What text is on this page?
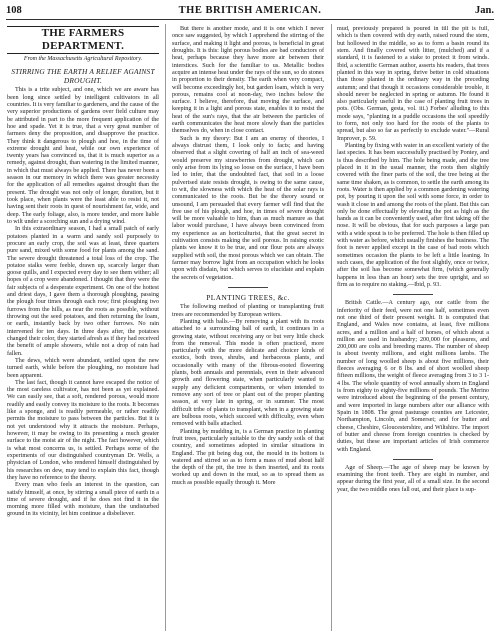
108	THE BRITISH AMERICAN.	Jan.
THE FARMERS DEPARTMENT.
From the Massachusetts Agricultural Repository.
STIRRING THE EARTH A RELIEF AGAINST DROUGHT.

This is a trite subject, and one, which we are aware has been long since settled by intelligent cultivators in all countries. It is very familiar to gardeners, and the cause of the very superior productions of gardens over field culture may be attributed in part to the more frequent application of the hoe and spade. Yet it is true, that a very great number of farmers deny the proposition, and disapprove the practice. They think it dangerous to plough and hoe, in the time of extreme drought and heat, while our own experience of twenty years has convinced us, that it is much superior as a remedy, against drought, than watering in the limited manner, in which that must always be applied. There has never been a season in our memory in which there was greater necessity for the application of all remedies against drought than the present. The drought was not only of longer, duration, but it took place, when plants were the least able to resist it, not having sent their roots in quest of nourishment far, wide, and deep. The early foliage, also, is more tender, and more liable to wilt under a scorching sun and a drying wind.

In this extraordinary season, I had a small patch of early potatoes planted in a warm and sandy soil purposely to procure an early crop, the soil was at least, three quarters pure sand, mixed with some food for plants among the sand. The severe drought threatened a total loss of the crop. The potatoe stalks were feeble, drawn up, scarcely larger than goose quills, and I expected every day to see them wither; all hopes of a crop were abandoned. I thought that they were the fair subjects of a desperate experiment. On one of the hottest and driest days, I gave them a thorough ploughing, passing the plough four times through each row; first ploughing two furrows from the hills, as near the roots as possible, without throwing out the seed potatoes, and then returning the loam, or earth, instantly back by two other furrows. No rain intervened for ten days. In three days after, the potatoes changed their color, they started afresh as if they had received the benefit of ample showers, while not a drop of rain had fallen.

The dews, which were abundant, settled upon the new turned earth, while before the ploughing, no moisture had been apparent.

The last fact, though it cannot have escaped the notice of the most careless cultivator, has not been as yet explained. We can easily see, that a soft, rendered porous, would more readily and easily convey its moisture to the roots. It becomes like a sponge, and is readily permeable, or rather readily permits the moisture to pass between the particles. But it is not yet understood why it attracts the moisture. Perhaps, however, it may be owing to its presenting a much greater surface to the moist air of the night. The fact however, which is what most concerns us, is settled. Perhaps some of the experiments of our distinguished countryman Dr. Wells, a physician of London, who rendered himself distinguished by his researches on dew, may tend to explain this fact, though they have no reference to the theory.

Every man who feels an interest in the question, can satisfy himself, at once, by stirring a small piece of earth in a time of severe drought, and if he does not find it in the morning more filled with moisture, than the undisturbed ground in its vicinity, let him continue a disbeliever.

But there is another mode, and it is one which I never once saw suggested, by which I apprehend the stirring of the surface, and making it light and porous, is beneficial in great droughts. It is this: light porous bodies are bad conductors of heat, perhaps because they have more air between their interstices. Such for the familiar to us. Metallic bodies acquire an intense heat under the rays of the sun, so do stones in proportion to their density. The earth when very compact, will become exceedingly hot, but garden loam, which is very porous, remains cool at noon-day, two inches below the surface. I believe, therefore, that moving the surface, and keeping it in a light and porous state, enables it to resist the heat of the sun's rays, that the air between the particles of earth communicates the heat more slowly than the particles themselves do, when in close contact.

Such is my theory: But I am an enemy of theories, I always distrust them, I look only to facts; and having observed that a slight covering of half an inch of sea-weed would preserve my strawberries from drought, which can only arise from its lying so loose on the surface, I have been led to infer, that the undoubted fact, that soil in a loose pulverised state resists drought, is owing to the same cause, to wit, the slowness with which the heat of the solar rays is communicated to the roots. But be the theory sound or unsound, I am persuaded that every farmer will find that the free use of his plough, and hoe, in times of severe drought will be more valuable to him, than as much manure as that labor would purchase, I have always been convinced from my experience as an horticulturist, that the great secret in cultivation consists making the soil porous. In raising exotic plants we know it to be true, and our flour pots are always supplied with soil, the most porous which we can obtain. The farmer may borrow light from an occupation which he looks upon with disdain, but which serves to elucidate and explain the secrets of vegetation.

PLANTING TREES, &c.

The following method of planting or transplanting fruit trees are recommended by European writers.

Planting with balls.—By removing a plant with its roots attached to a surrounding ball of earth, it continues in a growing state, without receiving any or but very little check from the removal. This mode is often practiced, more particularly with the more delicate and choicer kinds of exotics, both trees, shrubs, and herbaceous plants, and occasionally with many of the fibrous-rooted flowering plants, both annuals and perennials, even in their advanced growth and flowering state, when particularly wanted to supply any deficient compartments, or when intended to remove any sort of tree or plant out of the proper planting season, at very late in spring, or in summer. The most difficult tribe of plants to transplant, when in a growing state are bulbous roots, which succeed with difficulty, even when removed with balls attached.

Planting by mudding in, is a German practice in planting fruit trees, particularly suitable to the dry sandy soils of that country, and sometimes adopted in similar situations in England. The pit being dug out, the mould in its bottom is watered and stirred so as to form a mass of mud about half the depth of the pit, the tree is then inserted, and its roots worked up and down in the mud, so as to spread them as much as possible equally through it. More

mud, previously prepared is poured in till the pit is full, which is then covered with dry earth, raised round the stem, but hollowed in the middle, so as to form a basin round its stem. And finally covered with litter, (mulched) and if a standard, it is fastened to a stake to protect it from winds. Ibid, a scientific German author, asserts his readers, that trees planted in this way in spring, thrive better in cold situations than those planted in the ordinary way in the preceding autumn; and that though it occasions considerable trouble, it should never be neglected in spring or autumn. He found it also particularly useful in the case of planting fruit trees in pots. (Obs. German, gesta, vol. iii.) Forbes' alluding to this mode says, "planting in a puddle occasions the soil speedily to form, not only too hard for the roots of the plants to spread, but also so far as perfectly to exclude water."—Rural Improver, p. 59.

Planting by fixing with water in an excellent variety of the last species. It has been successfully practised by Pontey, and is thus described by him. The hole being made, and the tree placed in it in the usual manner, the roots then slightly covered with the finer parts of the soil, the tree being at the same time shaken, as is common, to settle the earth among its roots. Water is then applied by a common gardening watering pot, by pouring it upon the soil with some force, in order to wash it close in and among the roots of the plant. But this can only be done effectually by elevating the pot as high as the hands as it can be conveniently used, after first taking off the nose. It will be obvious, that for such purposes a large pan with a wide spout is to be preferred. The hole is then filled up with water as before, which usually finishes the business. The foot is never applied except in the case of bad roots which sometimes occasion the plants to be left a little leaning. In such cases, the application of the foot slightly, once or twice, after the soil has become somewhat firm, (which generally happens in less than an hour) sets the tree upright, and so firm as to require no staking.—Ibid, p. 93.

British Cattle.—A century ago, our cattle from the inferiority of their feed, were not one half, sometimes even not one third of their present weight. It is computed that England, and Wales now contains, at least, five millions acres, and a million and a half of horses, of which about a million are used in husbandry; 200,000 for pleasures, and 200,000 are colts and breeding mares. The number of sheep is about twenty millions, and eight millions lambs. The number of long woolled sheep is about five millions, their fleeces averaging 6 or 8 lbs. and of short woolled sheep fifteen millions, the weight of fleece averaging from 3 to 3 1-4 lbs. The whole quantity of wool annually shorn in England is from eighty to eighty-five millions of pounds. The Merino were introduced about the beginning of the present century, and were imported in large numbers after our alliance with Spain in 1808. The great pasturage counties are Leicester, Northampton, Lincoln, and Somerset; and for butter and cheese, Cheshire, Gloucestershire, and Wiltshire. The import of butter and cheese from foreign countries is checked by duties, but these are important articles of Irish commerce with England.

Age of Sheep.—The age of sheep may be known by examining the front teeth. They are eight in number, and appear during the first year, all of a small size. In the second year, the two middle ones fall out, and their place is sup-
